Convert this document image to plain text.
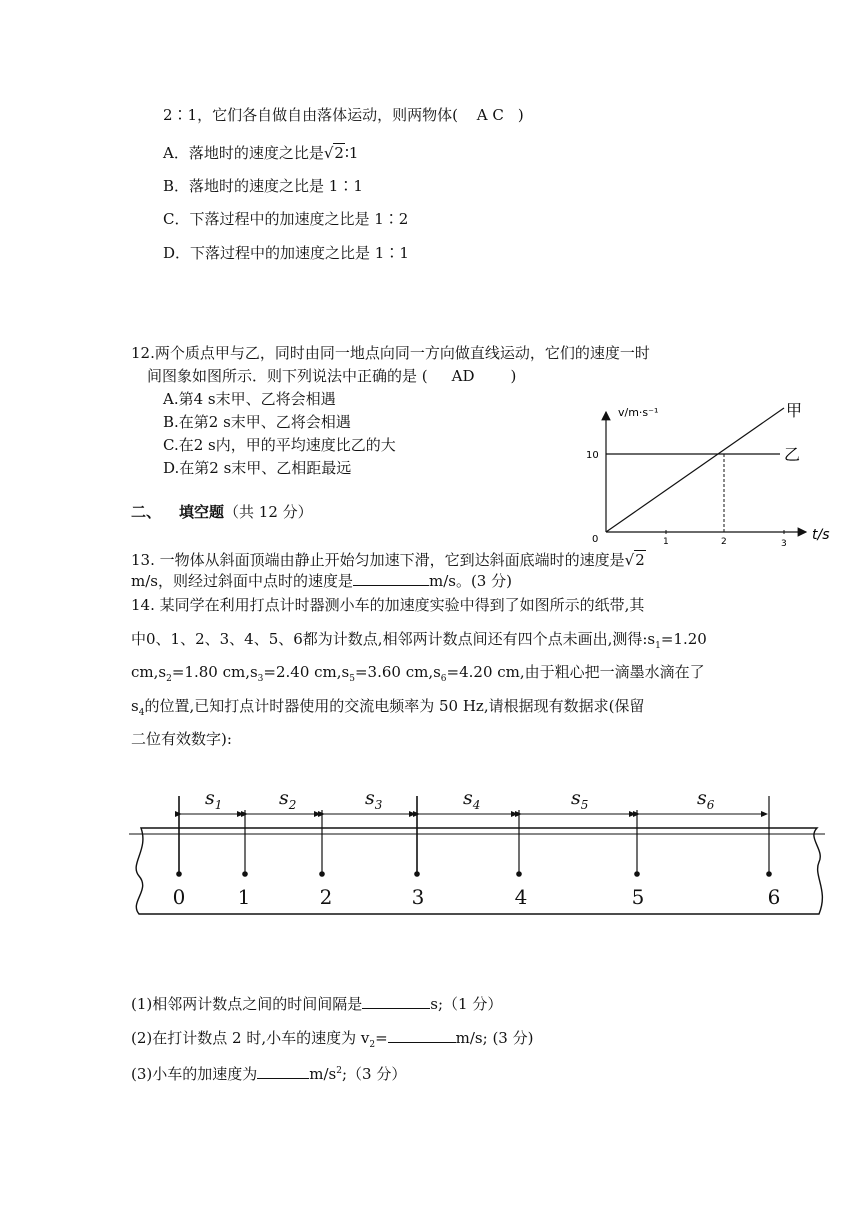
2∶1，它们各自做自由落体运动，则两物体( A C )
A．落地时的速度之比是√2∶1
B．落地时的速度之比是 1∶1
C．下落过程中的加速度之比是 1∶2
D．下落过程中的加速度之比是 1∶1
12.两个质点甲与乙，同时由同一地点向同一方向做直线运动，它们的速度一时
间图象如图所示．则下列说法中正确的是 ( AD )
A.第4 s末甲、乙将会相遇
B.在第2 s末甲、乙将会相遇
C.在2 s内，甲的平均速度比乙的大
D.在第2 s末甲、乙相距最远
二、 填空题（共 12 分）
13. 一物体从斜面顶端由静止开始匀加速下滑，它到达斜面底端时的速度是√2
m/s，则经过斜面中点时的速度是	m/s。(3 分)
14. 某同学在利用打点计时器测小车的加速度实验中得到了如图所示的纸带,其
中0、1、2、3、4、5、6都为计数点,相邻两计数点间还有四个点未画出,测得$:s_1=1.20$
$cm,s_2=1.80$ $cm,s_3=2.40$ $cm,s_5=3.60$ $cm,s_6=4.20$ cm,由于粗心把一滴墨水滴在了
$s_4$的位置,已知打点计时器使用的交流电频率为 50 Hz,请根据现有数据求(保留
二位有效数字):
(1)相邻两计数点之间的时间间隔是	s;（1 分）
(2)在打计数点 2 时,小车的速度为 $v_2=$	m/s; (3 分)
(3)小车的加速度为	$m/s^2;(3$ 分）
v/m·s⁻¹
t/s
10
0	1	2	3
甲
乙
$s_1$	$s_2$	$s_3$	$s_4$	$s_5$	$s_6$
0	1	2	3	4	5	6
